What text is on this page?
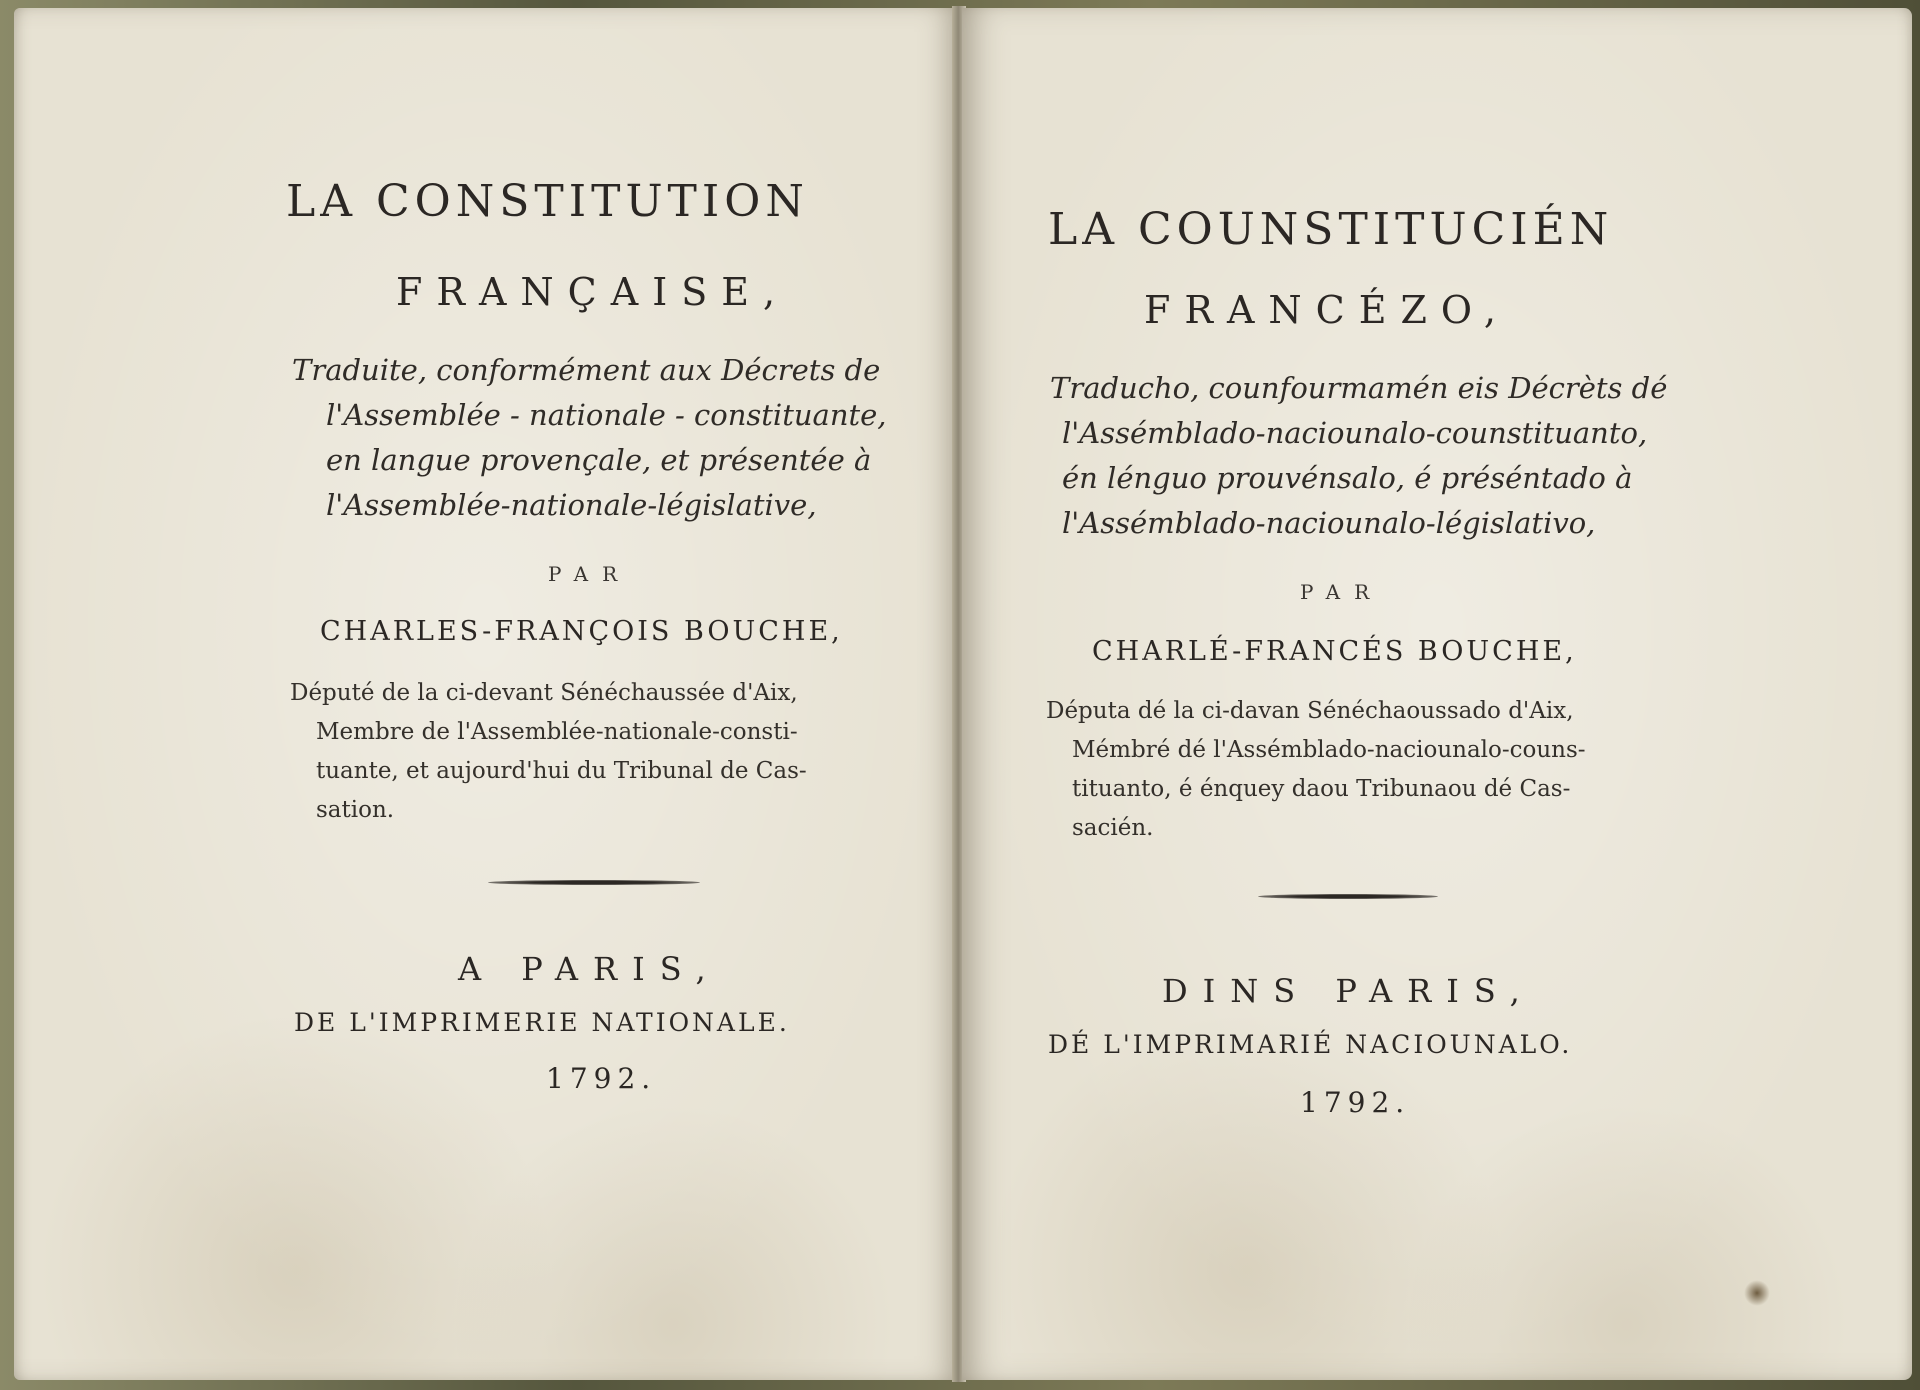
LA CONSTITUTION
FRANÇAISE,
Traduite, conformément aux Décrets de
l'Assemblée - nationale - constituante,
en langue provençale, et présentée à
l'Assemblée-nationale-législative,
PAR
CHARLES-FRANÇOIS BOUCHE,
Député de la ci-devant Sénéchaussée d'Aix,
Membre de l'Assemblée-nationale-consti-
tuante, et aujourd'hui du Tribunal de Cas-
sation.
A PARIS,
DE L'IMPRIMERIE NATIONALE.
1792.
LA COUNSTITUCIÉN
FRANCÉZO,
Traducho, counfourmamén eis Décrèts dé
l'Assémblado-naciounalo-counstituanto,
én lénguo prouvénsalo, é préséntado à
l'Assémblado-naciounalo-législativo,
PAR
CHARLÉ-FRANCÉS BOUCHE,
Députa dé la ci-davan Sénéchaoussado d'Aix,
Mémbré dé l'Assémblado-naciounalo-couns-
tituanto, é énquey daou Tribunaou dé Cas-
sacién.
DINS PARIS,
DÉ L'IMPRIMARIÉ NACIOUNALO.
1792.
